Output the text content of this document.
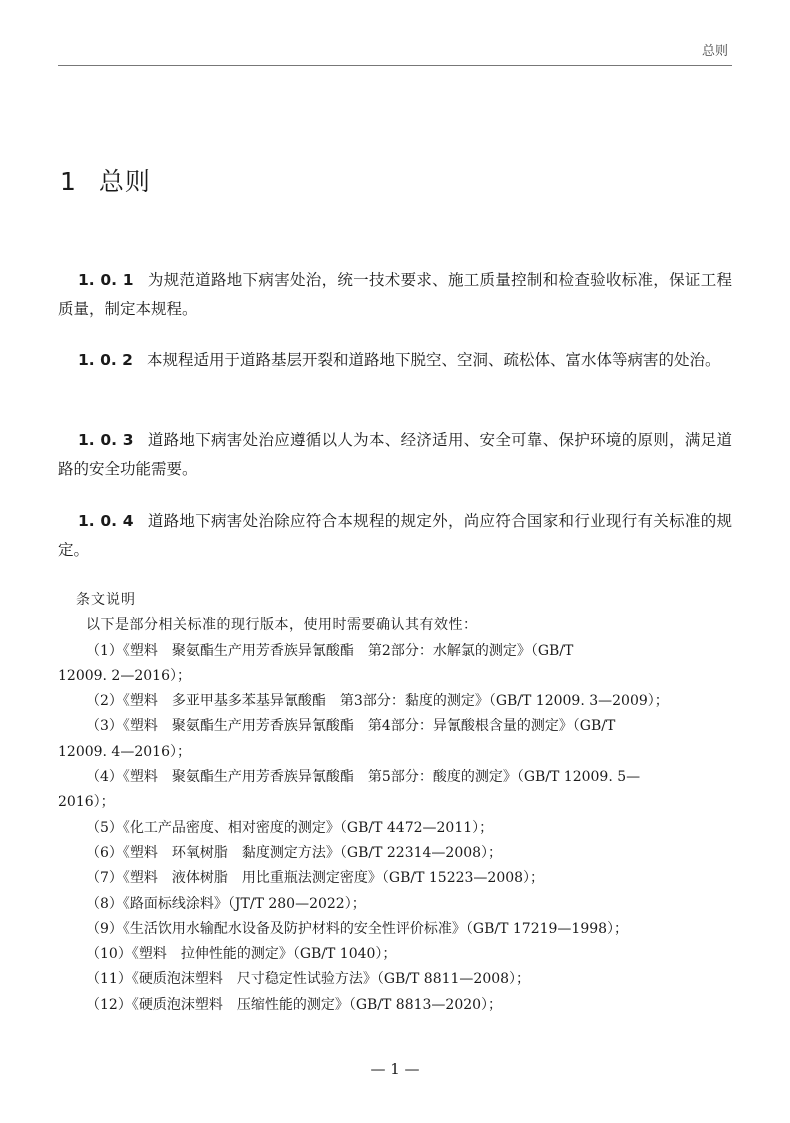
总则
1 总则
1. 0. 1 为规范道路地下病害处治，统一技术要求、施工质量控制和检查验收标准，保证工程质量，制定本规程。
1. 0. 2 本规程适用于道路基层开裂和道路地下脱空、空洞、疏松体、富水体等病害的处治。
1. 0. 3 道路地下病害处治应遵循以人为本、经济适用、安全可靠、保护环境的原则，满足道路的安全功能需要。
1. 0. 4 道路地下病害处治除应符合本规程的规定外，尚应符合国家和行业现行有关标准的规定。
条文说明
以下是部分相关标准的现行版本，使用时需要确认其有效性：
（1）《塑料　聚氨酯生产用芳香族异氰酸酯　第2部分：水解氯的测定》（GB/T
12009. 2—2016）；
（2）《塑料　多亚甲基多苯基异氰酸酯　第3部分：黏度的测定》（GB/T 12009. 3—2009）；
（3）《塑料　聚氨酯生产用芳香族异氰酸酯　第4部分：异氰酸根含量的测定》（GB/T
12009. 4—2016）；
（4）《塑料　聚氨酯生产用芳香族异氰酸酯　第5部分：酸度的测定》（GB/T 12009. 5—
2016）；
（5）《化工产品密度、相对密度的测定》（GB/T 4472—2011）；
（6）《塑料　环氧树脂　黏度测定方法》（GB/T 22314—2008）；
（7）《塑料　液体树脂　用比重瓶法测定密度》（GB/T 15223—2008）；
（8）《路面标线涂料》（JT/T 280—2022）；
（9）《生活饮用水输配水设备及防护材料的安全性评价标准》（GB/T 17219—1998）；
（10）《塑料　拉伸性能的测定》（GB/T 1040）；
（11）《硬质泡沫塑料　尺寸稳定性试验方法》（GB/T 8811—2008）；
（12）《硬质泡沫塑料　压缩性能的测定》（GB/T 8813—2020）；
— 1 —
